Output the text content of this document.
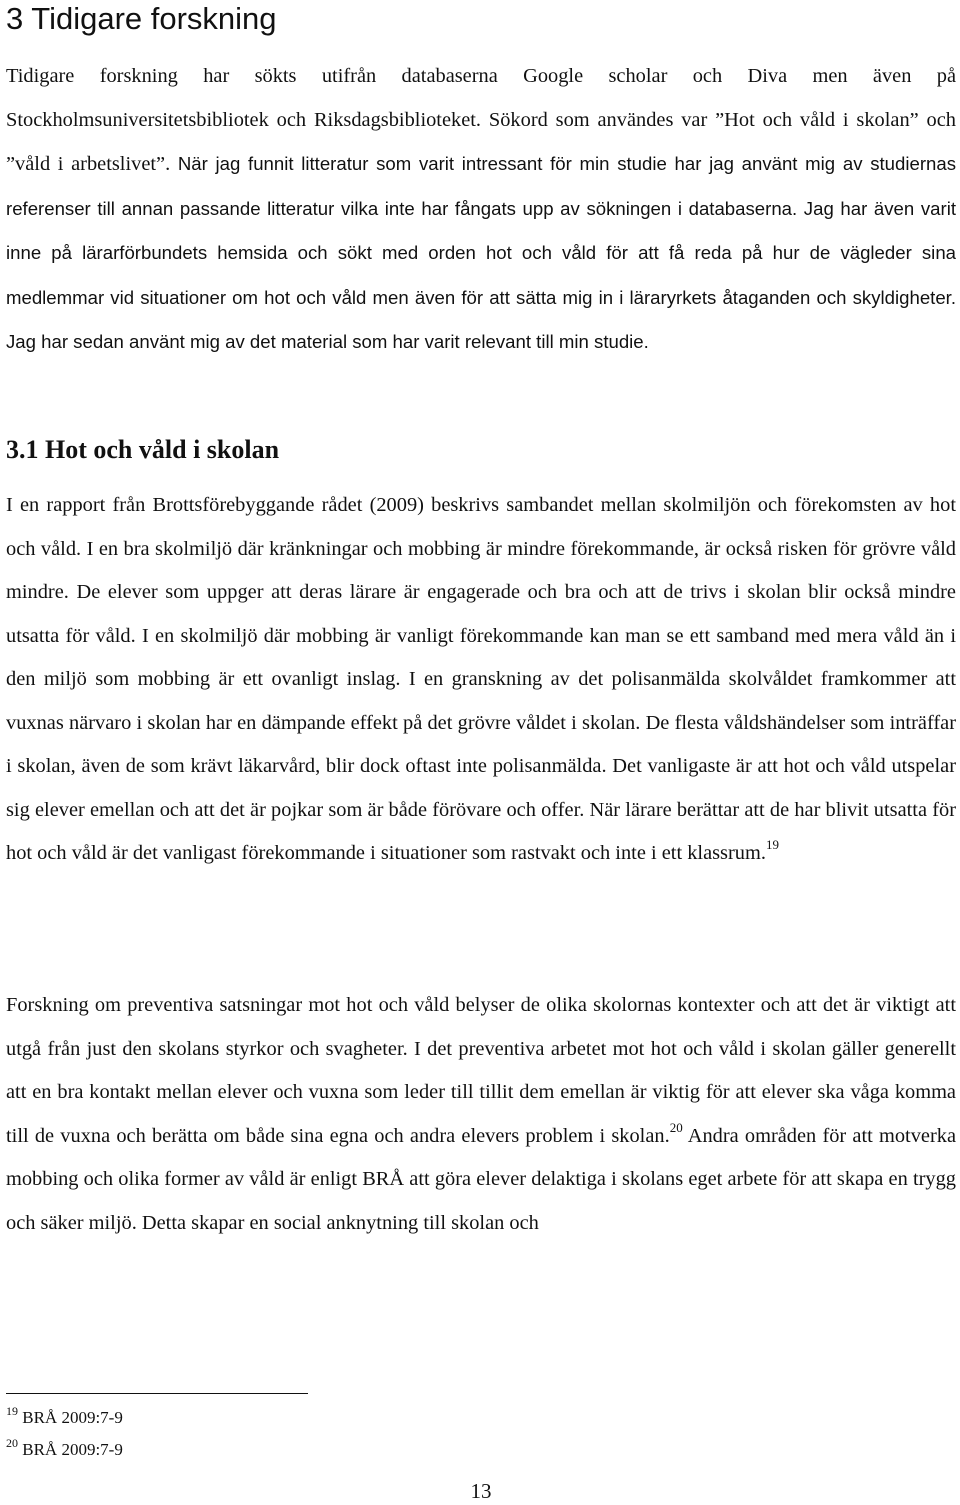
3 Tidigare forskning

Tidigare forskning har sökts utifrån databaserna Google scholar och Diva men även på Stockholmsuniversitetsbibliotek och Riksdagsbiblioteket. Sökord som användes var ”Hot och våld i skolan” och ”våld i arbetslivet”. När jag funnit litteratur som varit intressant för min studie har jag använt mig av studiernas referenser till annan passande litteratur vilka inte har fångats upp av sökningen i databaserna. Jag har även varit inne på lärarförbundets hemsida och sökt med orden hot och våld för att få reda på hur de vägleder sina medlemmar vid situationer om hot och våld men även för att sätta mig in i läraryrkets åtaganden och skyldigheter. Jag har sedan använt mig av det material som har varit relevant till min studie.

3.1 Hot och våld i skolan

I en rapport från Brottsförebyggande rådet (2009) beskrivs sambandet mellan skolmiljön och förekomsten av hot och våld. I en bra skolmiljö där kränkningar och mobbing är mindre förekommande, är också risken för grövre våld mindre. De elever som uppger att deras lärare är engagerade och bra och att de trivs i skolan blir också mindre utsatta för våld. I en skolmiljö där mobbing är vanligt förekommande kan man se ett samband med mera våld än i den miljö som mobbing är ett ovanligt inslag. I en granskning av det polisanmälda skolvåldet framkommer att vuxnas närvaro i skolan har en dämpande effekt på det grövre våldet i skolan. De flesta våldshändelser som inträffar i skolan, även de som krävt läkarvård, blir dock oftast inte polisanmälda. Det vanligaste är att hot och våld utspelar sig elever emellan och att det är pojkar som är både förövare och offer. När lärare berättar att de har blivit utsatta för hot och våld är det vanligast förekommande i situationer som rastvakt och inte i ett klassrum.$^{19}$

Forskning om preventiva satsningar mot hot och våld belyser de olika skolornas kontexter och att det är viktigt att utgå från just den skolans styrkor och svagheter. I det preventiva arbetet mot hot och våld i skolan gäller generellt att en bra kontakt mellan elever och vuxna som leder till tillit dem emellan är viktig för att elever ska våga komma till de vuxna och berätta om både sina egna och andra elevers problem i skolan.$^{20}$ Andra områden för att motverka mobbing och olika former av våld är enligt BRÅ att göra elever delaktiga i skolans eget arbete för att skapa en trygg och säker miljö. Detta skapar en social anknytning till skolan och

$^{19}$ BRÅ 2009:7-9
$^{20}$ BRÅ 2009:7-9
13
